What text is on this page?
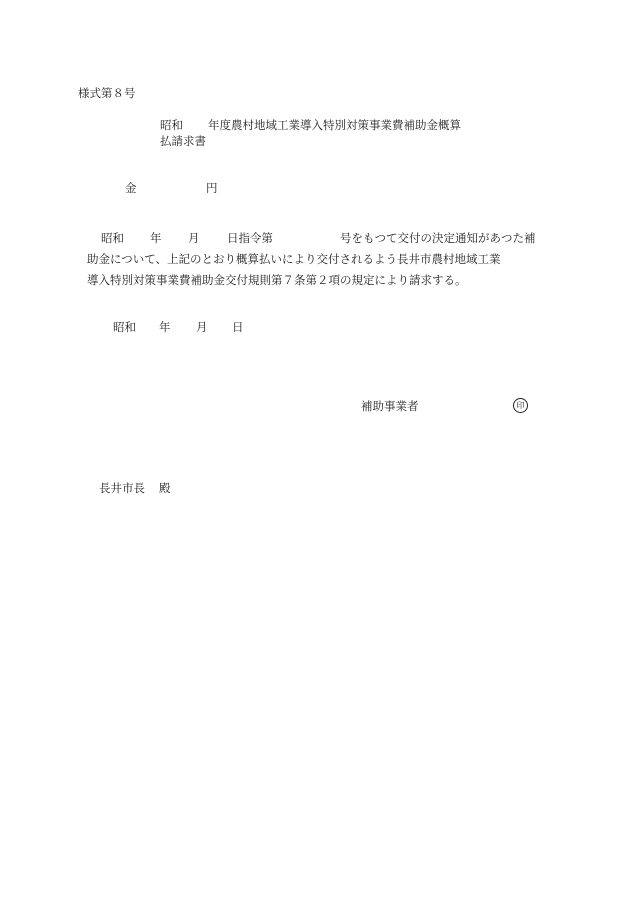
様式第８号
昭和 年度農村地域工業導入特別対策事業費補助金概算
払請求書
金	円
昭和 年 月 日指令第	号をもつて交付の決定通知があつた補
助金について、上記のとおり概算払いにより交付されるよう長井市農村地域工業
導入特別対策事業費補助金交付規則第７条第２項の規定により請求する。
昭和 年 月 日
補助事業者	印
長井市長 殿
